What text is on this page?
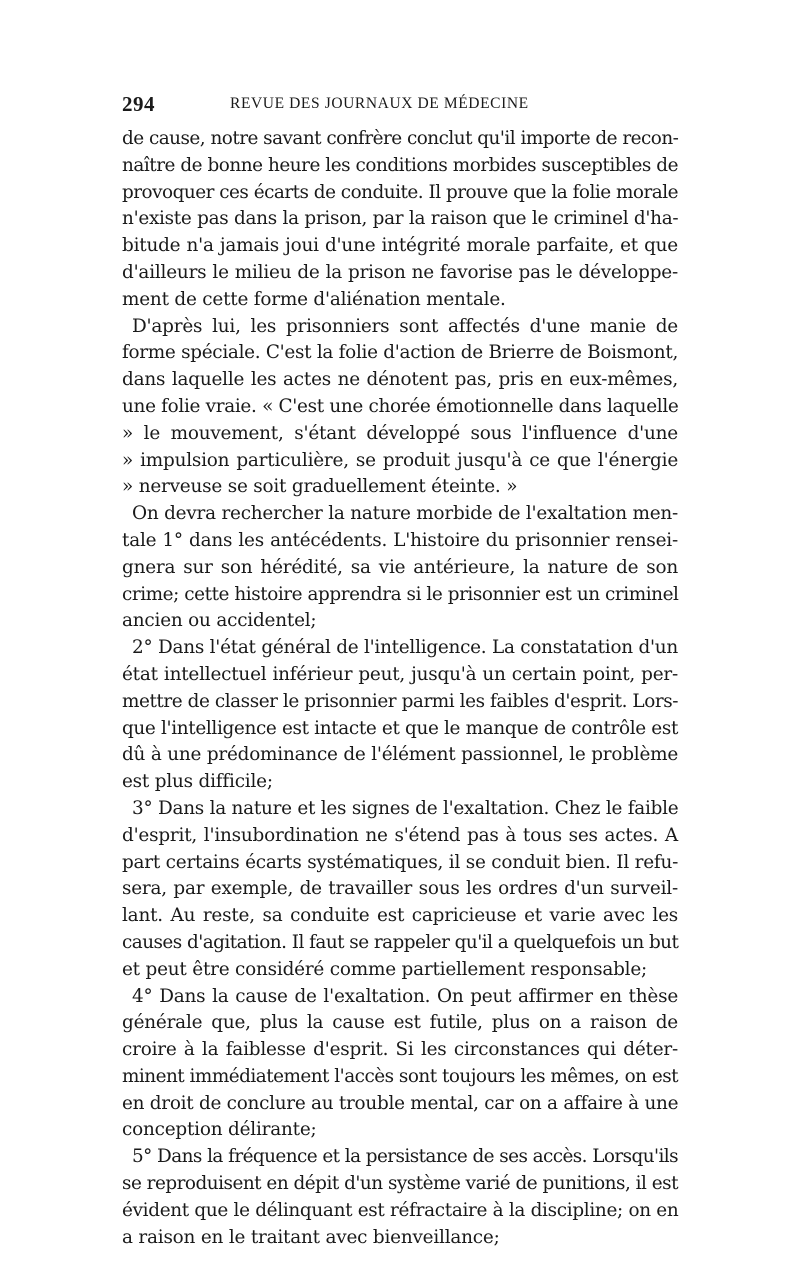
294	REVUE DES JOURNAUX DE MÉDECINE
de cause, notre savant confrère conclut qu'il importe de recon-
naître de bonne heure les conditions morbides susceptibles de
provoquer ces écarts de conduite. Il prouve que la folie morale
n'existe pas dans la prison, par la raison que le criminel d'ha-
bitude n'a jamais joui d'une intégrité morale parfaite, et que
d'ailleurs le milieu de la prison ne favorise pas le développe-
ment de cette forme d'aliénation mentale.
D'après lui, les prisonniers sont affectés d'une manie de
forme spéciale. C'est la folie d'action de Brierre de Boismont,
dans laquelle les actes ne dénotent pas, pris en eux-mêmes,
une folie vraie. « C'est une chorée émotionnelle dans laquelle
» le mouvement, s'étant développé sous l'influence d'une
» impulsion particulière, se produit jusqu'à ce que l'énergie
» nerveuse se soit graduellement éteinte. »
On devra rechercher la nature morbide de l'exaltation men-
tale 1° dans les antécédents. L'histoire du prisonnier rensei-
gnera sur son hérédité, sa vie antérieure, la nature de son
crime; cette histoire apprendra si le prisonnier est un criminel
ancien ou accidentel;
2° Dans l'état général de l'intelligence. La constatation d'un
état intellectuel inférieur peut, jusqu'à un certain point, per-
mettre de classer le prisonnier parmi les faibles d'esprit. Lors-
que l'intelligence est intacte et que le manque de contrôle est
dû à une prédominance de l'élément passionnel, le problème
est plus difficile;
3° Dans la nature et les signes de l'exaltation. Chez le faible
d'esprit, l'insubordination ne s'étend pas à tous ses actes. A
part certains écarts systématiques, il se conduit bien. Il refu-
sera, par exemple, de travailler sous les ordres d'un surveil-
lant. Au reste, sa conduite est capricieuse et varie avec les
causes d'agitation. Il faut se rappeler qu'il a quelquefois un but
et peut être considéré comme partiellement responsable;
4° Dans la cause de l'exaltation. On peut affirmer en thèse
générale que, plus la cause est futile, plus on a raison de
croire à la faiblesse d'esprit. Si les circonstances qui déter-
minent immédiatement l'accès sont toujours les mêmes, on est
en droit de conclure au trouble mental, car on a affaire à une
conception délirante;
5° Dans la fréquence et la persistance de ses accès. Lorsqu'ils
se reproduisent en dépit d'un système varié de punitions, il est
évident que le délinquant est réfractaire à la discipline; on en
a raison en le traitant avec bienveillance;
